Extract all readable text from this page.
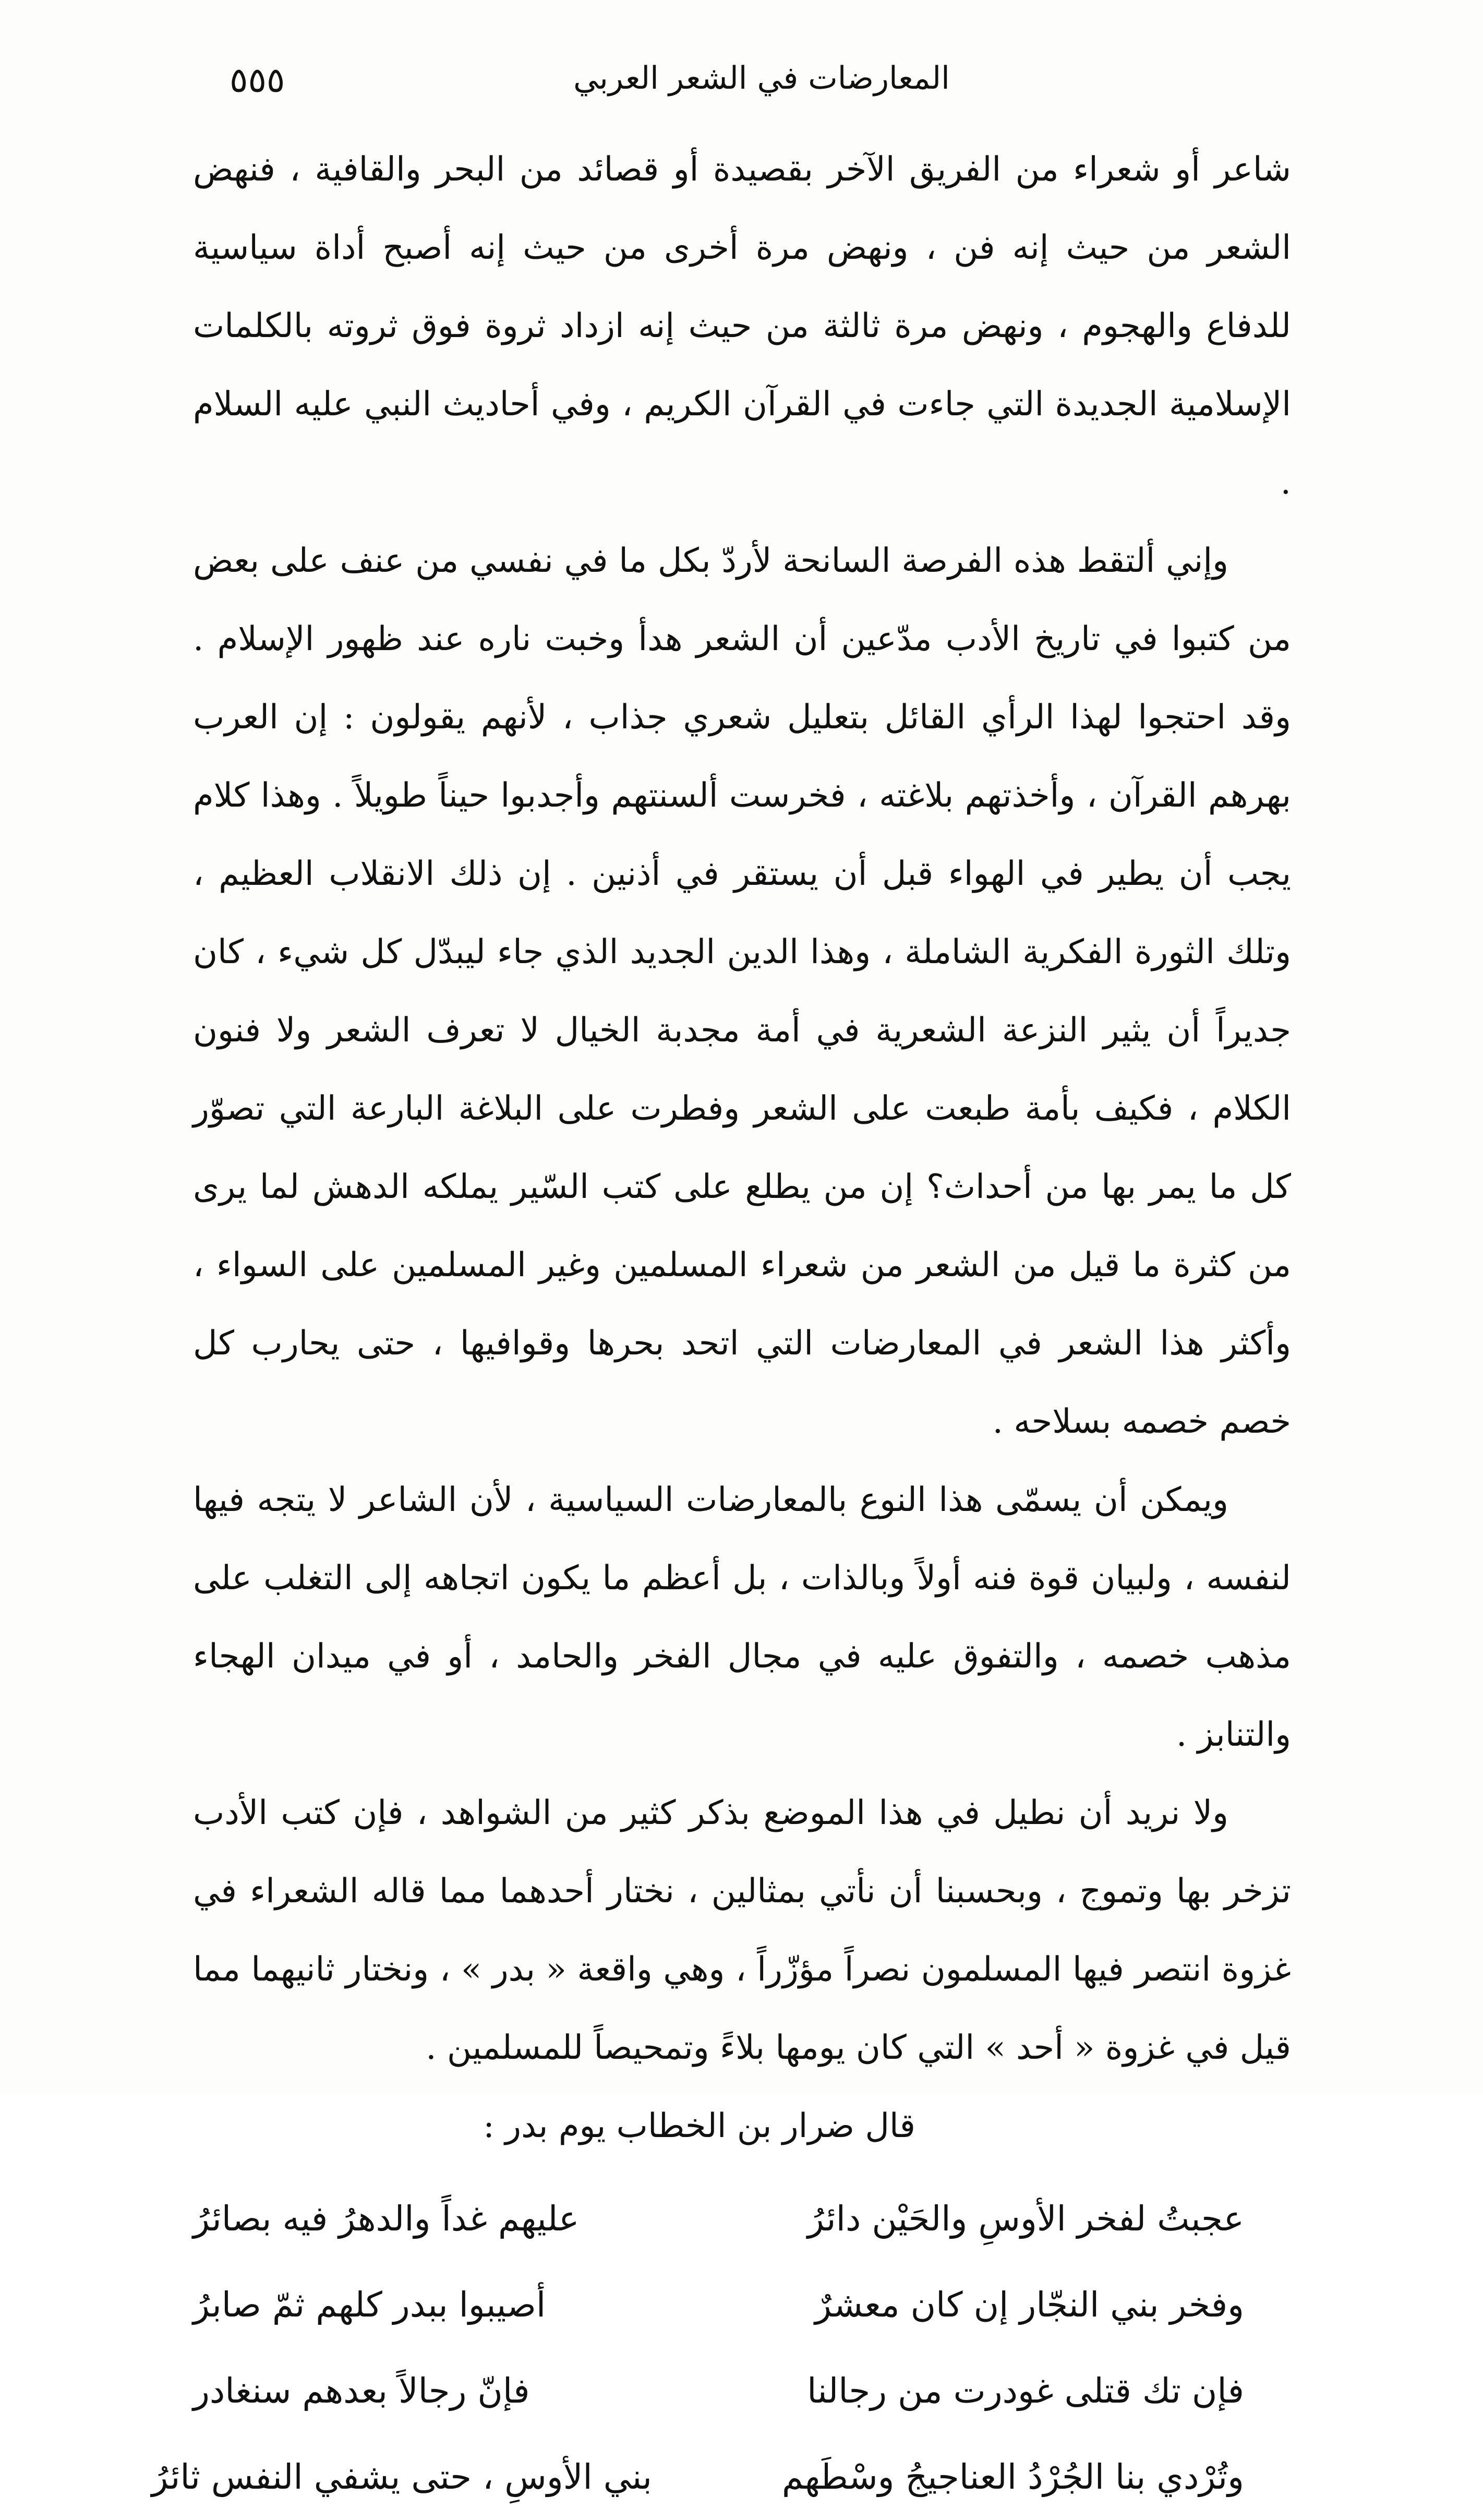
٥٥٥	المعارضات في الشعر العربي

شاعر أو شعراء من الفريق الآخر بقصيدة أو قصائد من البحر والقافية ، فنهض الشعر من حيث إنه فن ، ونهض مرة أخرى من حيث إنه أصبح أداة سياسية للدفاع والهجوم ، ونهض مرة ثالثة من حيث إنه ازداد ثروة فوق ثروته بالكلمات الإسلامية الجديدة التي جاءت في القرآن الكريم ، وفي أحاديث النبي عليه السلام .

وإني ألتقط هذه الفرصة السانحة لأردّ بكل ما في نفسي من عنف على بعض من كتبوا في تاريخ الأدب مدّعين أن الشعر هدأ وخبت ناره عند ظهور الإسلام . وقد احتجوا لهذا الرأي القائل بتعليل شعري جذاب ، لأنهم يقولون : إن العرب بهرهم القرآن ، وأخذتهم بلاغته ، فخرست ألسنتهم وأجدبوا حيناً طويلاً . وهذا كلام يجب أن يطير في الهواء قبل أن يستقر في أذنين . إن ذلك الانقلاب العظيم ، وتلك الثورة الفكرية الشاملة ، وهذا الدين الجديد الذي جاء ليبدّل كل شيء ، كان جديراً أن يثير النزعة الشعرية في أمة مجدبة الخيال لا تعرف الشعر ولا فنون الكلام ، فكيف بأمة طبعت على الشعر وفطرت على البلاغة البارعة التي تصوّر كل ما يمر بها من أحداث؟ إن من يطلع على كتب السّير يملكه الدهش لما يرى من كثرة ما قيل من الشعر من شعراء المسلمين وغير المسلمين على السواء ، وأكثر هذا الشعر في المعارضات التي اتحد بحرها وقوافيها ، حتى يحارب كل خصم خصمه بسلاحه .

ويمكن أن يسمّى هذا النوع بالمعارضات السياسية ، لأن الشاعر لا يتجه فيها لنفسه ، ولبيان قوة فنه أولاً وبالذات ، بل أعظم ما يكون اتجاهه إلى التغلب على مذهب خصمه ، والتفوق عليه في مجال الفخر والحامد ، أو في ميدان الهجاء والتنابز .

ولا نريد أن نطيل في هذا الموضع بذكر كثير من الشواهد ، فإن كتب الأدب تزخر بها وتموج ، وبحسبنا أن نأتي بمثالين ، نختار أحدهما مما قاله الشعراء في غزوة انتصر فيها المسلمون نصراً مؤزّراً ، وهي واقعة « بدر » ، ونختار ثانيهما مما قيل في غزوة « أحد » التي كان يومها بلاءً وتمحيصاً للمسلمين .

قال ضرار بن الخطاب يوم بدر :

عجبتُ لفخر الأوسِ والحَيْن دائرُ
عليهم غداً والدهرُ فيه بصائرُ
وفخر بني النجّار إن كان معشرٌ
أصيبوا ببدر كلهم ثمّ صابرُ
فإن تك قتلى غودرت من رجالنا
فإنّ رجالاً بعدهم سنغادر
وتُرْدي بنا الجُرْدُ العناجيجُ وسْطَهم
بني الأوسِ ، حتى يشفي النفس ثائرُ
